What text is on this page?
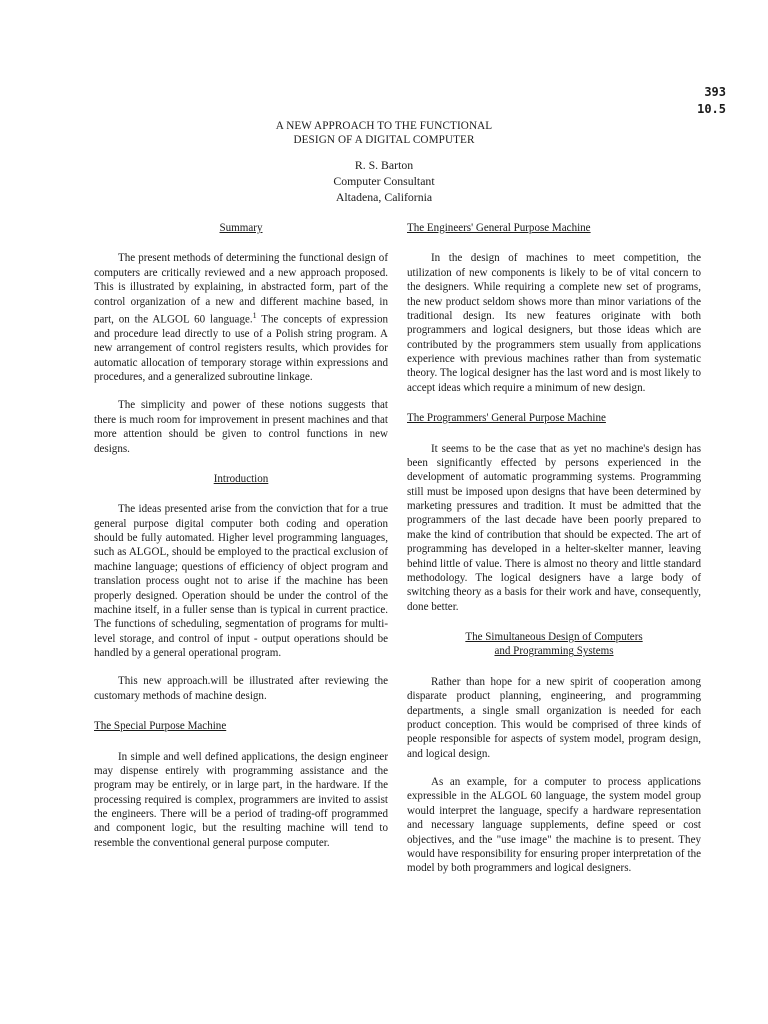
393
10.5
A NEW APPROACH TO THE FUNCTIONAL
DESIGN OF A DIGITAL COMPUTER
R. S. Barton
Computer Consultant
Altadena, California

Summary

The present methods of determining the functional design of computers are critically reviewed and a new approach proposed. This is illustrated by explaining, in abstracted form, part of the control organization of a new and different machine based, in part, on the ALGOL 60 language.$^1$ The concepts of expression and procedure lead directly to use of a Polish string program. A new arrangement of control registers results, which provides for automatic allocation of temporary storage within expressions and procedures, and a generalized subroutine linkage.

The simplicity and power of these notions suggests that there is much room for improvement in present machines and that more attention should be given to control functions in new designs.

Introduction

The ideas presented arise from the conviction that for a true general purpose digital computer both coding and operation should be fully automated. Higher level programming languages, such as ALGOL, should be employed to the practical exclusion of machine language; questions of efficiency of object program and translation process ought not to arise if the machine has been properly designed. Operation should be under the control of the machine itself, in a fuller sense than is typical in current practice. The functions of scheduling, segmentation of programs for multi-level storage, and control of input - output operations should be handled by a general operational program.

This new approach.will be illustrated after reviewing the customary methods of machine design.

The Special Purpose Machine

In simple and well defined applications, the design engineer may dispense entirely with programming assistance and the program may be entirely, or in large part, in the hardware. If the processing required is complex, programmers are invited to assist the engineers. There will be a period of trading-off programmed and component logic, but the resulting machine will tend to resemble the conventional general purpose computer.

The Engineers' General Purpose Machine

In the design of machines to meet competition, the utilization of new components is likely to be of vital concern to the designers. While requiring a complete new set of programs, the new product seldom shows more than minor variations of the traditional design. Its new features originate with both programmers and logical designers, but those ideas which are contributed by the programmers stem usually from applications experience with previous machines rather than from systematic theory. The logical designer has the last word and is most likely to accept ideas which require a minimum of new design.

The Programmers' General Purpose Machine

It seems to be the case that as yet no machine's design has been significantly effected by persons experienced in the development of automatic programming systems. Programming still must be imposed upon designs that have been determined by marketing pressures and tradition. It must be admitted that the programmers of the last decade have been poorly prepared to make the kind of contribution that should be expected. The art of programming has developed in a helter-skelter manner, leaving behind little of value. There is almost no theory and little standard methodology. The logical designers have a large body of switching theory as a basis for their work and have, consequently, done better.

The Simultaneous Design of Computers

and Programming Systems

Rather than hope for a new spirit of cooperation among disparate product planning, engineering, and programming departments, a single small organization is needed for each product conception. This would be comprised of three kinds of people responsible for aspects of system model, program design, and logical design.

As an example, for a computer to process applications expressible in the ALGOL 60 language, the system model group would interpret the language, specify a hardware representation and necessary language supplements, define speed or cost objectives, and the "use image" the machine is to present. They would have responsibility for ensuring proper interpretation of the model by both programmers and logical designers.
